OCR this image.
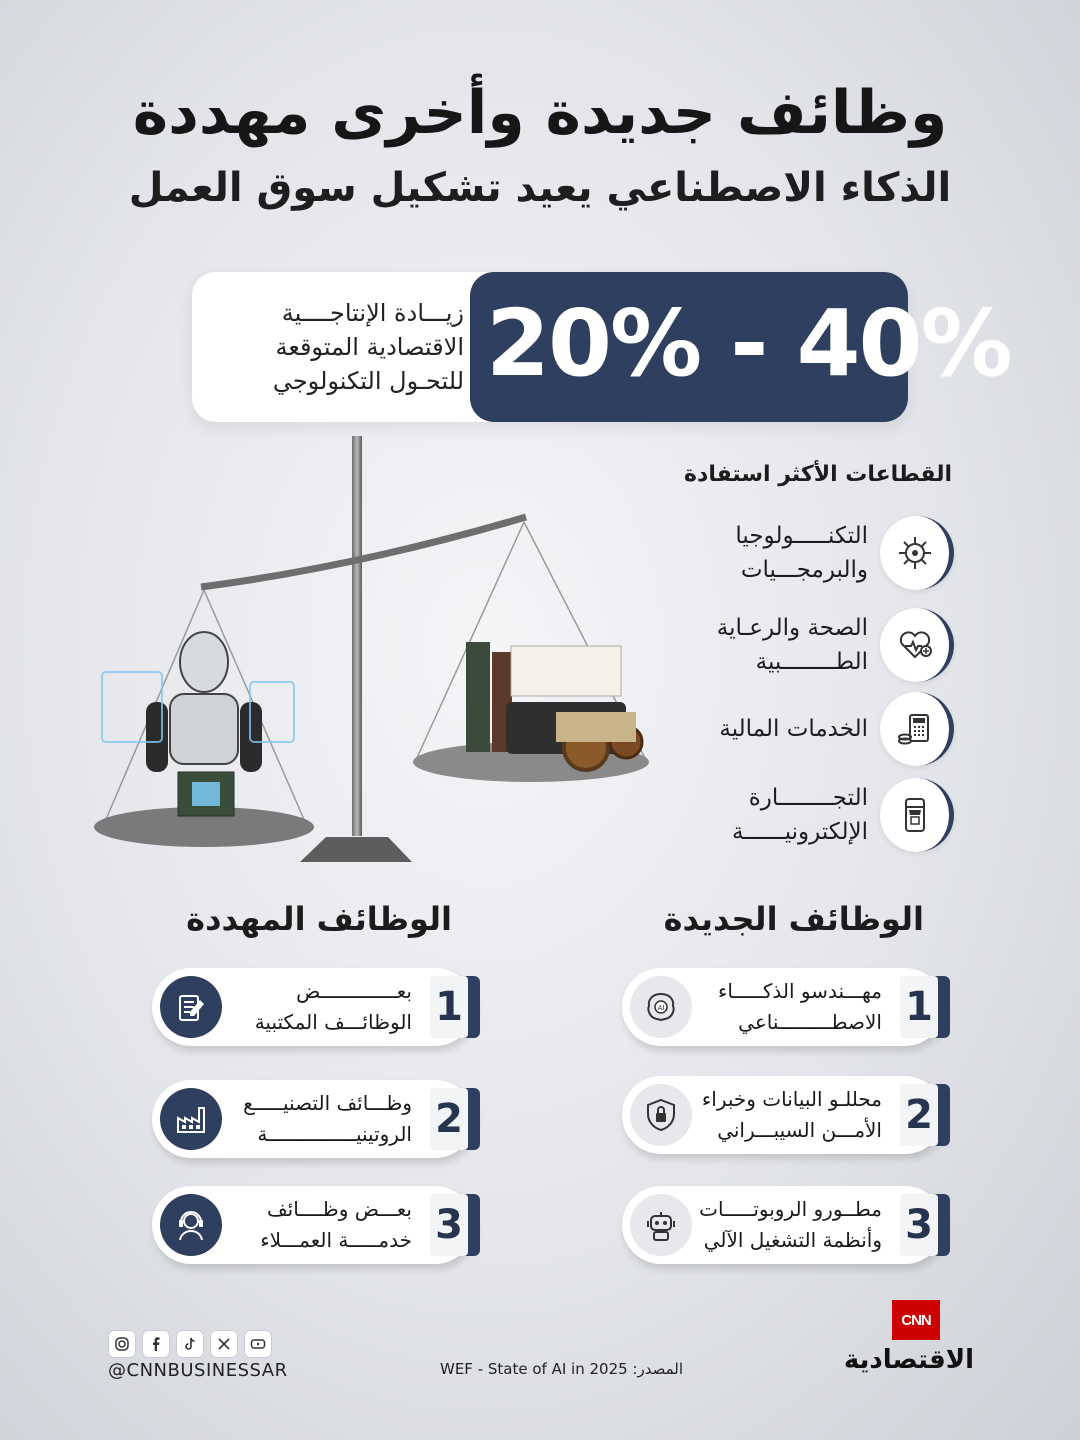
وظائف جديدة وأخرى مهددة
الذكاء الاصطناعي يعيد تشكيل سوق العمل
20% - 40%
زيـــادة الإنتاجــــية
الاقتصادية المتوقعة
للتحـول التكنولوجي
القطاعات الأكثر استفادة
التكنـــــولوجيا
والبرمجـــيات
الصحة والرعـاية
الطــــــــبية
الخدمات المالية
التجــــــــارة
الإلكترونيــــــة
الوظائف الجديدة
الوظائف المهددة
1
مهـــندسو الذكـــــاء
الاصطـــــــــناعي
AI
2
محللـو البيانات وخبراء
الأمـــن السيبـــراني
3
مطــورو الروبوتـــــات
وأنظمة التشغيل الآلي
1
بعـــــــــــــض
الوظائـــف المكتبية
2
وظـــائف التصنيـــــع
الروتينيـــــــــــــــة
3
بعـــض وظــــائف
خدمـــــة العمـــلاء
@CNNBUSINESSAR	المصدر: WEF - State of AI in 2025
CNN
الاقتصادية
